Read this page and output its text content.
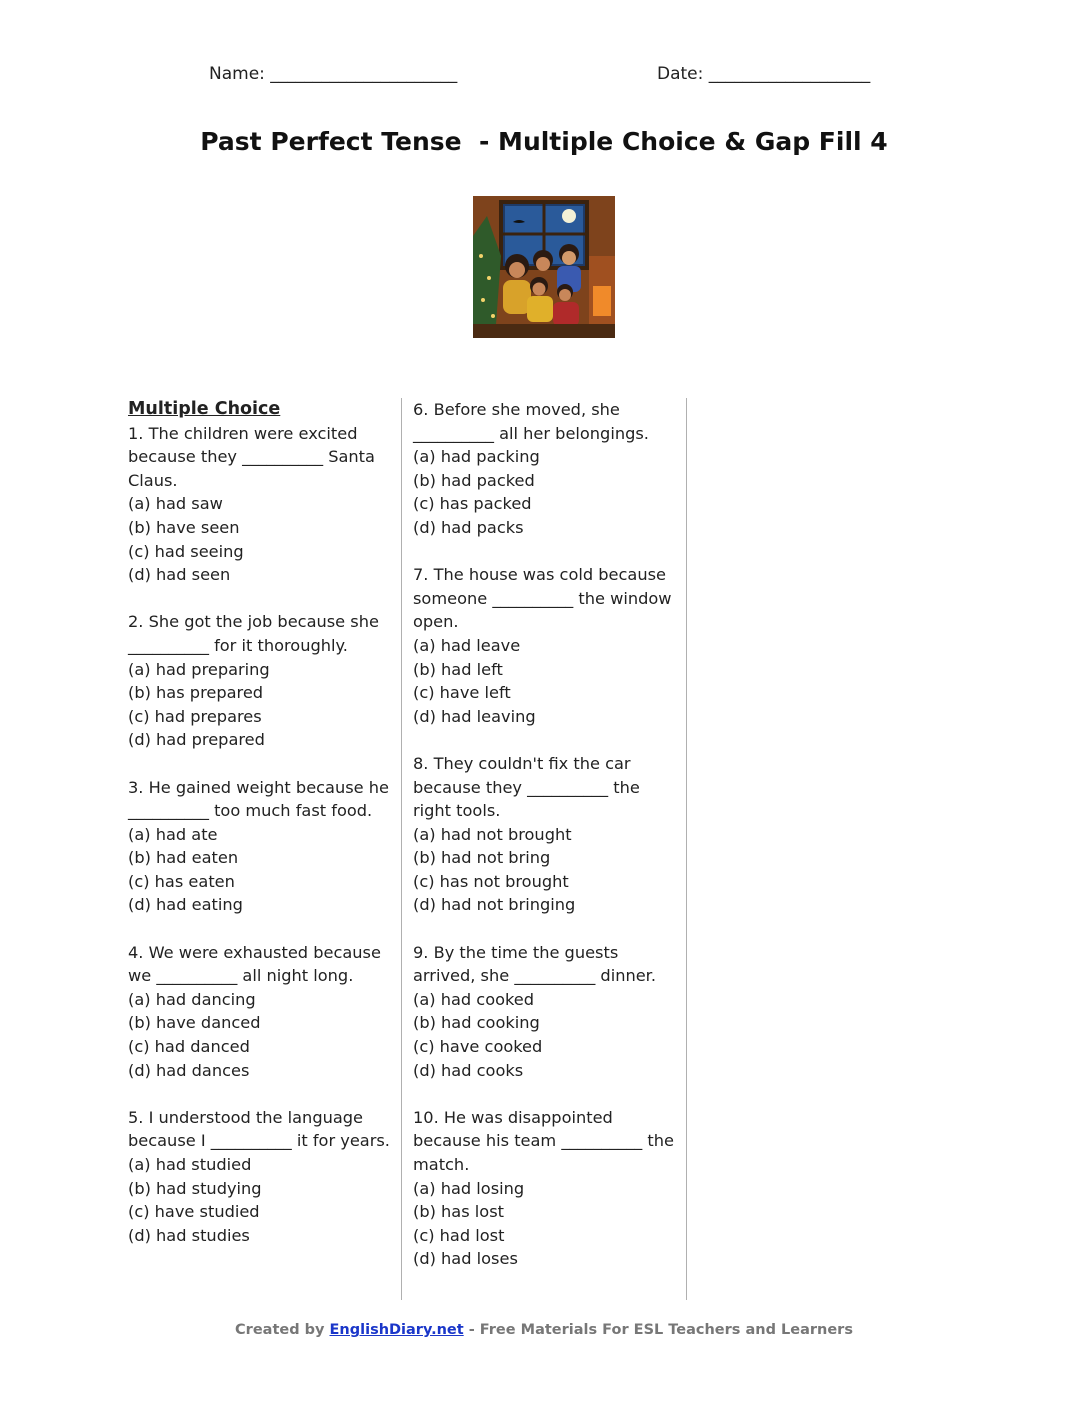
Name: ______________________	Date: ___________________
Past Perfect Tense  - Multiple Choice & Gap Fill 4
Multiple Choice

1. The children were excited because they __________ Santa Claus.

(a) had saw

(b) have seen

(c) had seeing

(d) had seen

2. She got the job because she __________ for it thoroughly.

(a) had preparing

(b) has prepared

(c) had prepares

(d) had prepared

3. He gained weight because he __________ too much fast food.

(a) had ate

(b) had eaten

(c) has eaten

(d) had eating

4. We were exhausted because we __________ all night long.

(a) had dancing

(b) have danced

(c) had danced

(d) had dances

5. I understood the language because I __________ it for years.

(a) had studied

(b) had studying

(c) have studied

(d) had studies

6. Before she moved, she __________ all her belongings.

(a) had packing

(b) had packed

(c) has packed

(d) had packs

7. The house was cold because someone __________ the window open.

(a) had leave

(b) had left

(c) have left

(d) had leaving

8. They couldn't fix the car because they __________ the right tools.

(a) had not brought

(b) had not bring

(c) has not brought

(d) had not bringing

9. By the time the guests arrived, she __________ dinner.

(a) had cooked

(b) had cooking

(c) have cooked

(d) had cooks

10. He was disappointed because his team __________ the match.

(a) had losing

(b) has lost

(c) had lost

(d) had loses

Created by EnglishDiary.net - Free Materials For ESL Teachers and Learners
